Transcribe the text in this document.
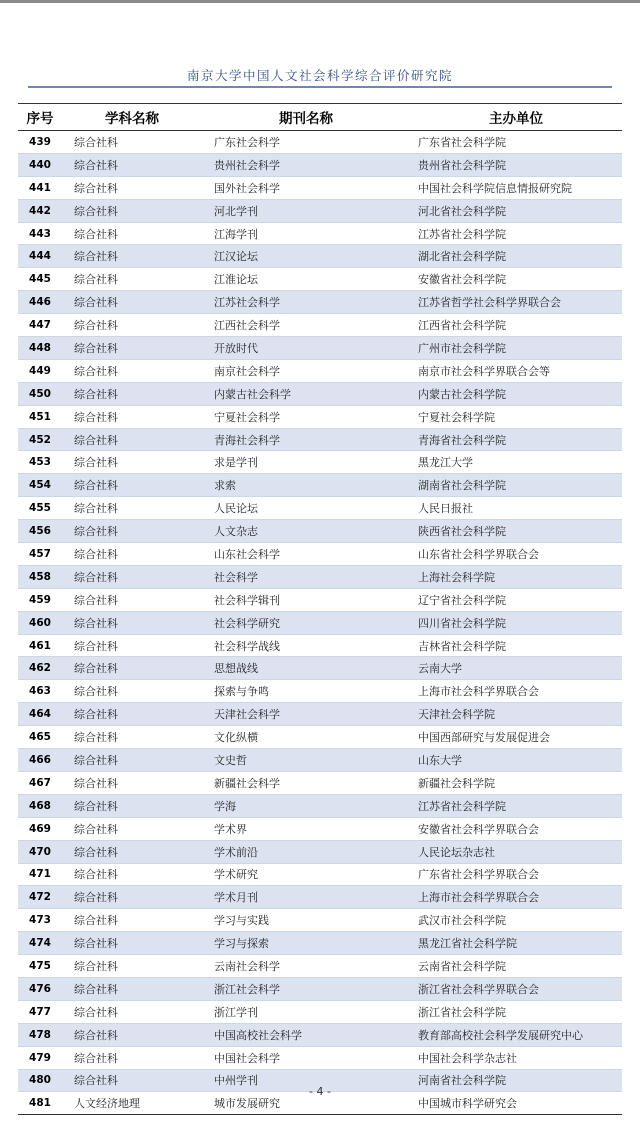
南京大学中国人文社会科学综合评价研究院
序号	学科名称	期刊名称	主办单位
439	综合社科	广东社会科学	广东省社会科学院
440	综合社科	贵州社会科学	贵州省社会科学院
441	综合社科	国外社会科学	中国社会科学院信息情报研究院
442	综合社科	河北学刊	河北省社会科学院
443	综合社科	江海学刊	江苏省社会科学院
444	综合社科	江汉论坛	湖北省社会科学院
445	综合社科	江淮论坛	安徽省社会科学院
446	综合社科	江苏社会科学	江苏省哲学社会科学界联合会
447	综合社科	江西社会科学	江西省社会科学院
448	综合社科	开放时代	广州市社会科学院
449	综合社科	南京社会科学	南京市社会科学界联合会等
450	综合社科	内蒙古社会科学	内蒙古社会科学院
451	综合社科	宁夏社会科学	宁夏社会科学院
452	综合社科	青海社会科学	青海省社会科学院
453	综合社科	求是学刊	黑龙江大学
454	综合社科	求索	湖南省社会科学院
455	综合社科	人民论坛	人民日报社
456	综合社科	人文杂志	陕西省社会科学院
457	综合社科	山东社会科学	山东省社会科学界联合会
458	综合社科	社会科学	上海社会科学院
459	综合社科	社会科学辑刊	辽宁省社会科学院
460	综合社科	社会科学研究	四川省社会科学院
461	综合社科	社会科学战线	吉林省社会科学院
462	综合社科	思想战线	云南大学
463	综合社科	探索与争鸣	上海市社会科学界联合会
464	综合社科	天津社会科学	天津社会科学院
465	综合社科	文化纵横	中国西部研究与发展促进会
466	综合社科	文史哲	山东大学
467	综合社科	新疆社会科学	新疆社会科学院
468	综合社科	学海	江苏省社会科学院
469	综合社科	学术界	安徽省社会科学界联合会
470	综合社科	学术前沿	人民论坛杂志社
471	综合社科	学术研究	广东省社会科学界联合会
472	综合社科	学术月刊	上海市社会科学界联合会
473	综合社科	学习与实践	武汉市社会科学院
474	综合社科	学习与探索	黑龙江省社会科学院
475	综合社科	云南社会科学	云南省社会科学院
476	综合社科	浙江社会科学	浙江省社会科学界联合会
477	综合社科	浙江学刊	浙江省社会科学院
478	综合社科	中国高校社会科学	教育部高校社会科学发展研究中心
479	综合社科	中国社会科学	中国社会科学杂志社
480	综合社科	中州学刊	河南省社会科学院
481	人文经济地理	城市发展研究	中国城市科学研究会
- 4 -
